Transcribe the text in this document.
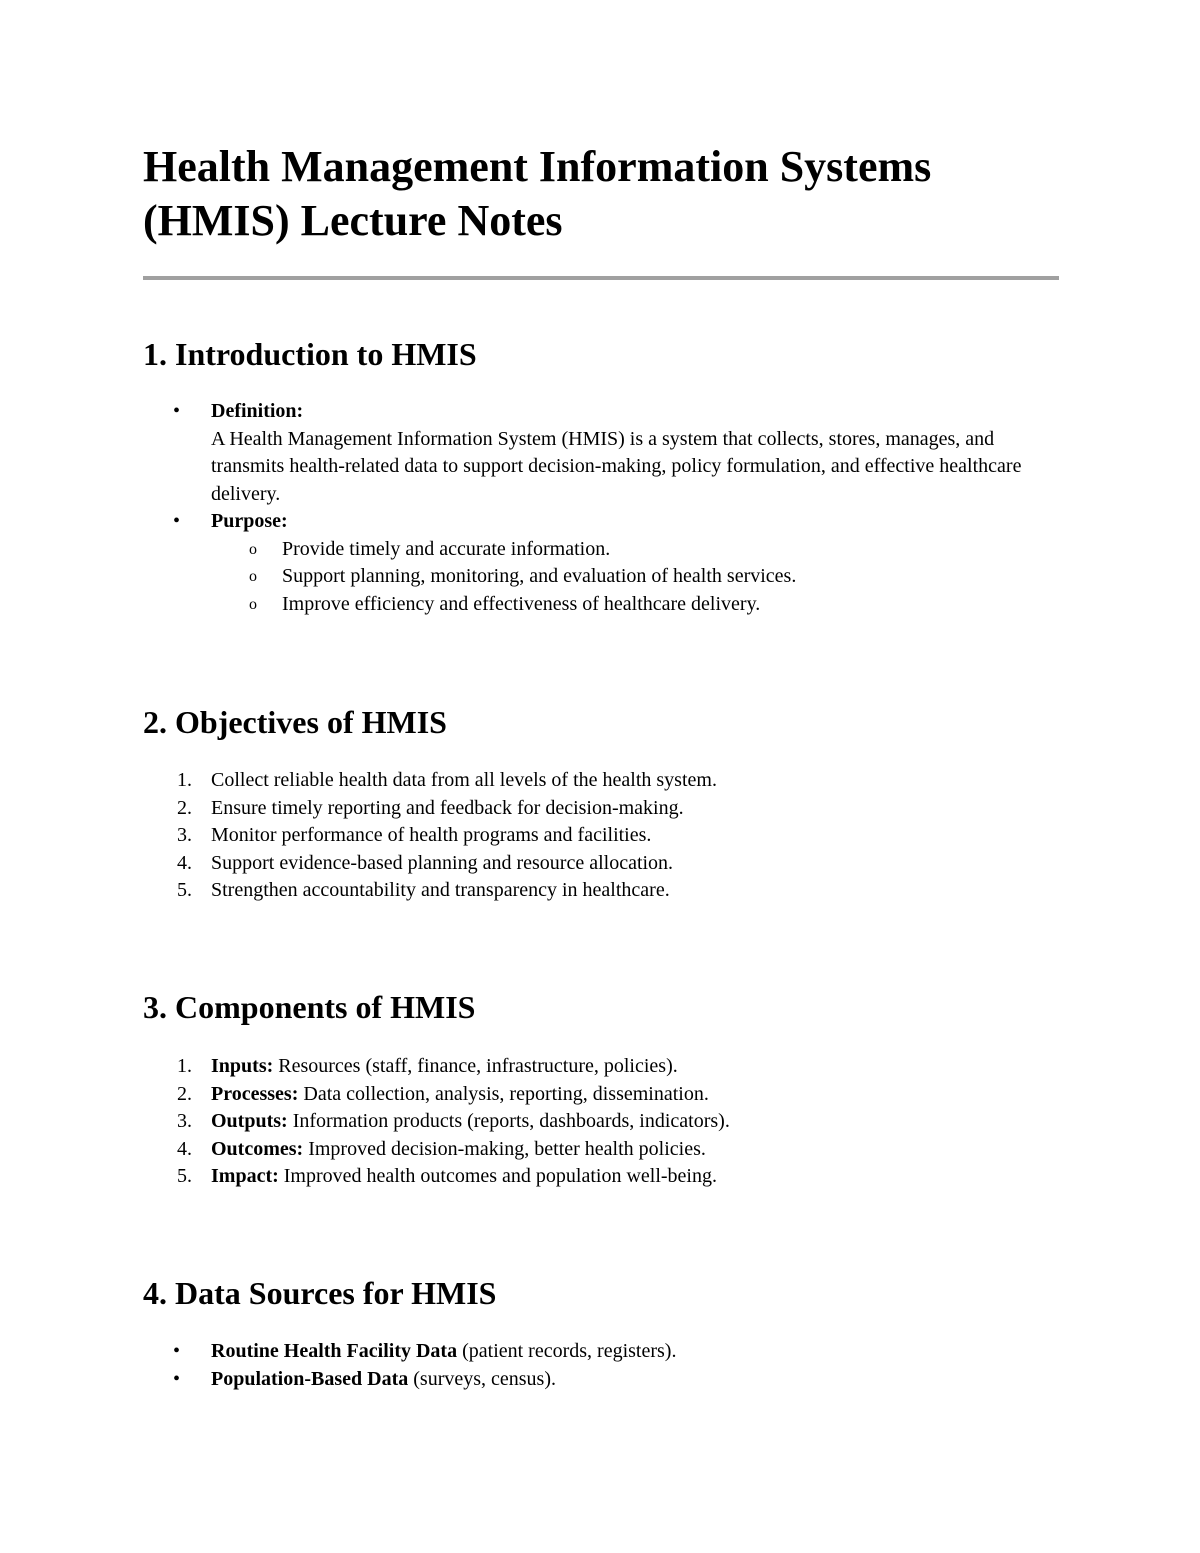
Health Management Information Systems (HMIS) Lecture Notes
1. Introduction to HMIS
• Definition:
A Health Management Information System (HMIS) is a system that collects, stores, manages, and transmits health-related data to support decision-making, policy formulation, and effective healthcare delivery.
• Purpose:
o Provide timely and accurate information.
o Support planning, monitoring, and evaluation of health services.
o Improve efficiency and effectiveness of healthcare delivery.
2. Objectives of HMIS
1. Collect reliable health data from all levels of the health system.
2. Ensure timely reporting and feedback for decision-making.
3. Monitor performance of health programs and facilities.
4. Support evidence-based planning and resource allocation.
5. Strengthen accountability and transparency in healthcare.
3. Components of HMIS
1. Inputs: Resources (staff, finance, infrastructure, policies).
2. Processes: Data collection, analysis, reporting, dissemination.
3. Outputs: Information products (reports, dashboards, indicators).
4. Outcomes: Improved decision-making, better health policies.
5. Impact: Improved health outcomes and population well-being.
4. Data Sources for HMIS
• Routine Health Facility Data (patient records, registers).
• Population-Based Data (surveys, census).
